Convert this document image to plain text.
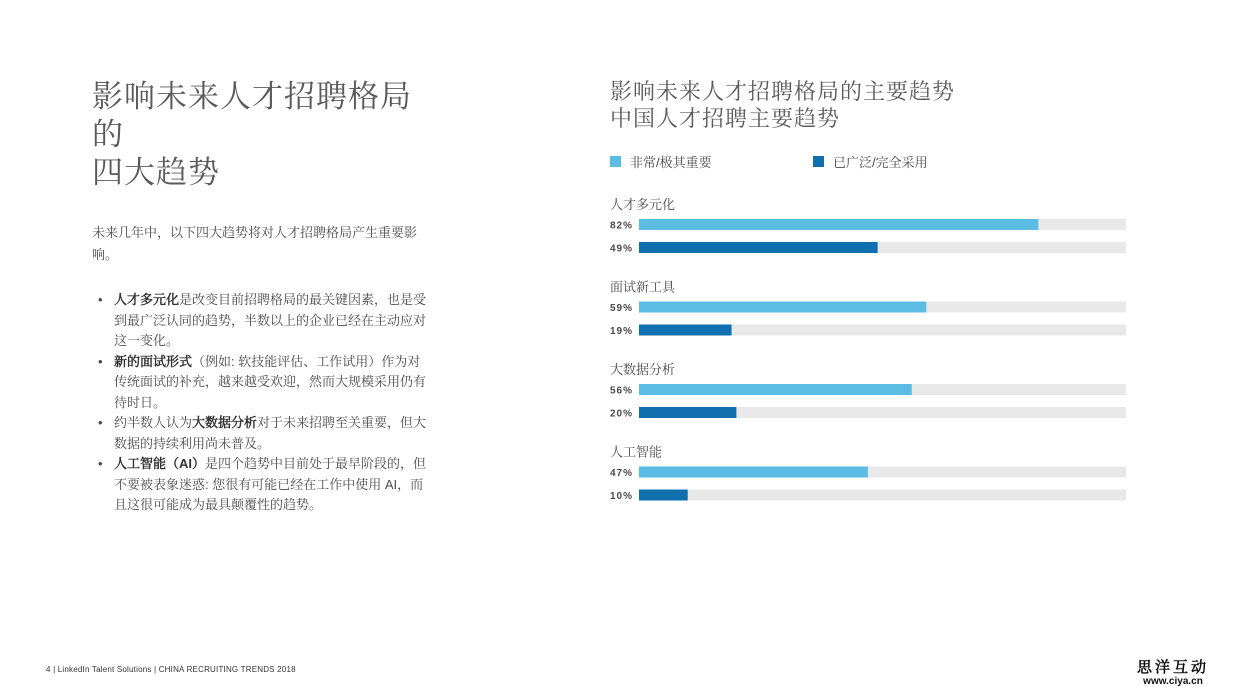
影响未来人才招聘格局的
四大趋势
未来几年中，以下四大趋势将对人才招聘格局产生重要影响。
• 人才多元化是改变目前招聘格局的最关键因素，也是受到最广泛认同的趋势，半数以上的企业已经在主动应对这一变化。
• 新的面试形式（例如: 软技能评估、工作试用）作为对传统面试的补充，越来越受欢迎，然而大规模采用仍有待时日。
• 约半数人认为大数据分析对于未来招聘至关重要，但大数据的持续利用尚未普及。
• 人工智能（AI）是四个趋势中目前处于最早阶段的，但不要被表象迷惑: 您很有可能已经在工作中使用 AI，而且这很可能成为最具颠覆性的趋势。
影响未来人才招聘格局的主要趋势
中国人才招聘主要趋势
非常/极其重要	已广泛/完全采用
人才多元化
82%
49%
面试新工具
59%
19%
大数据分析
56%
20%
人工智能
47%
10%
4 | LinkedIn Talent Solutions | CHINA RECRUITING TRENDS 2018	思洋互动
www.ciya.cn
